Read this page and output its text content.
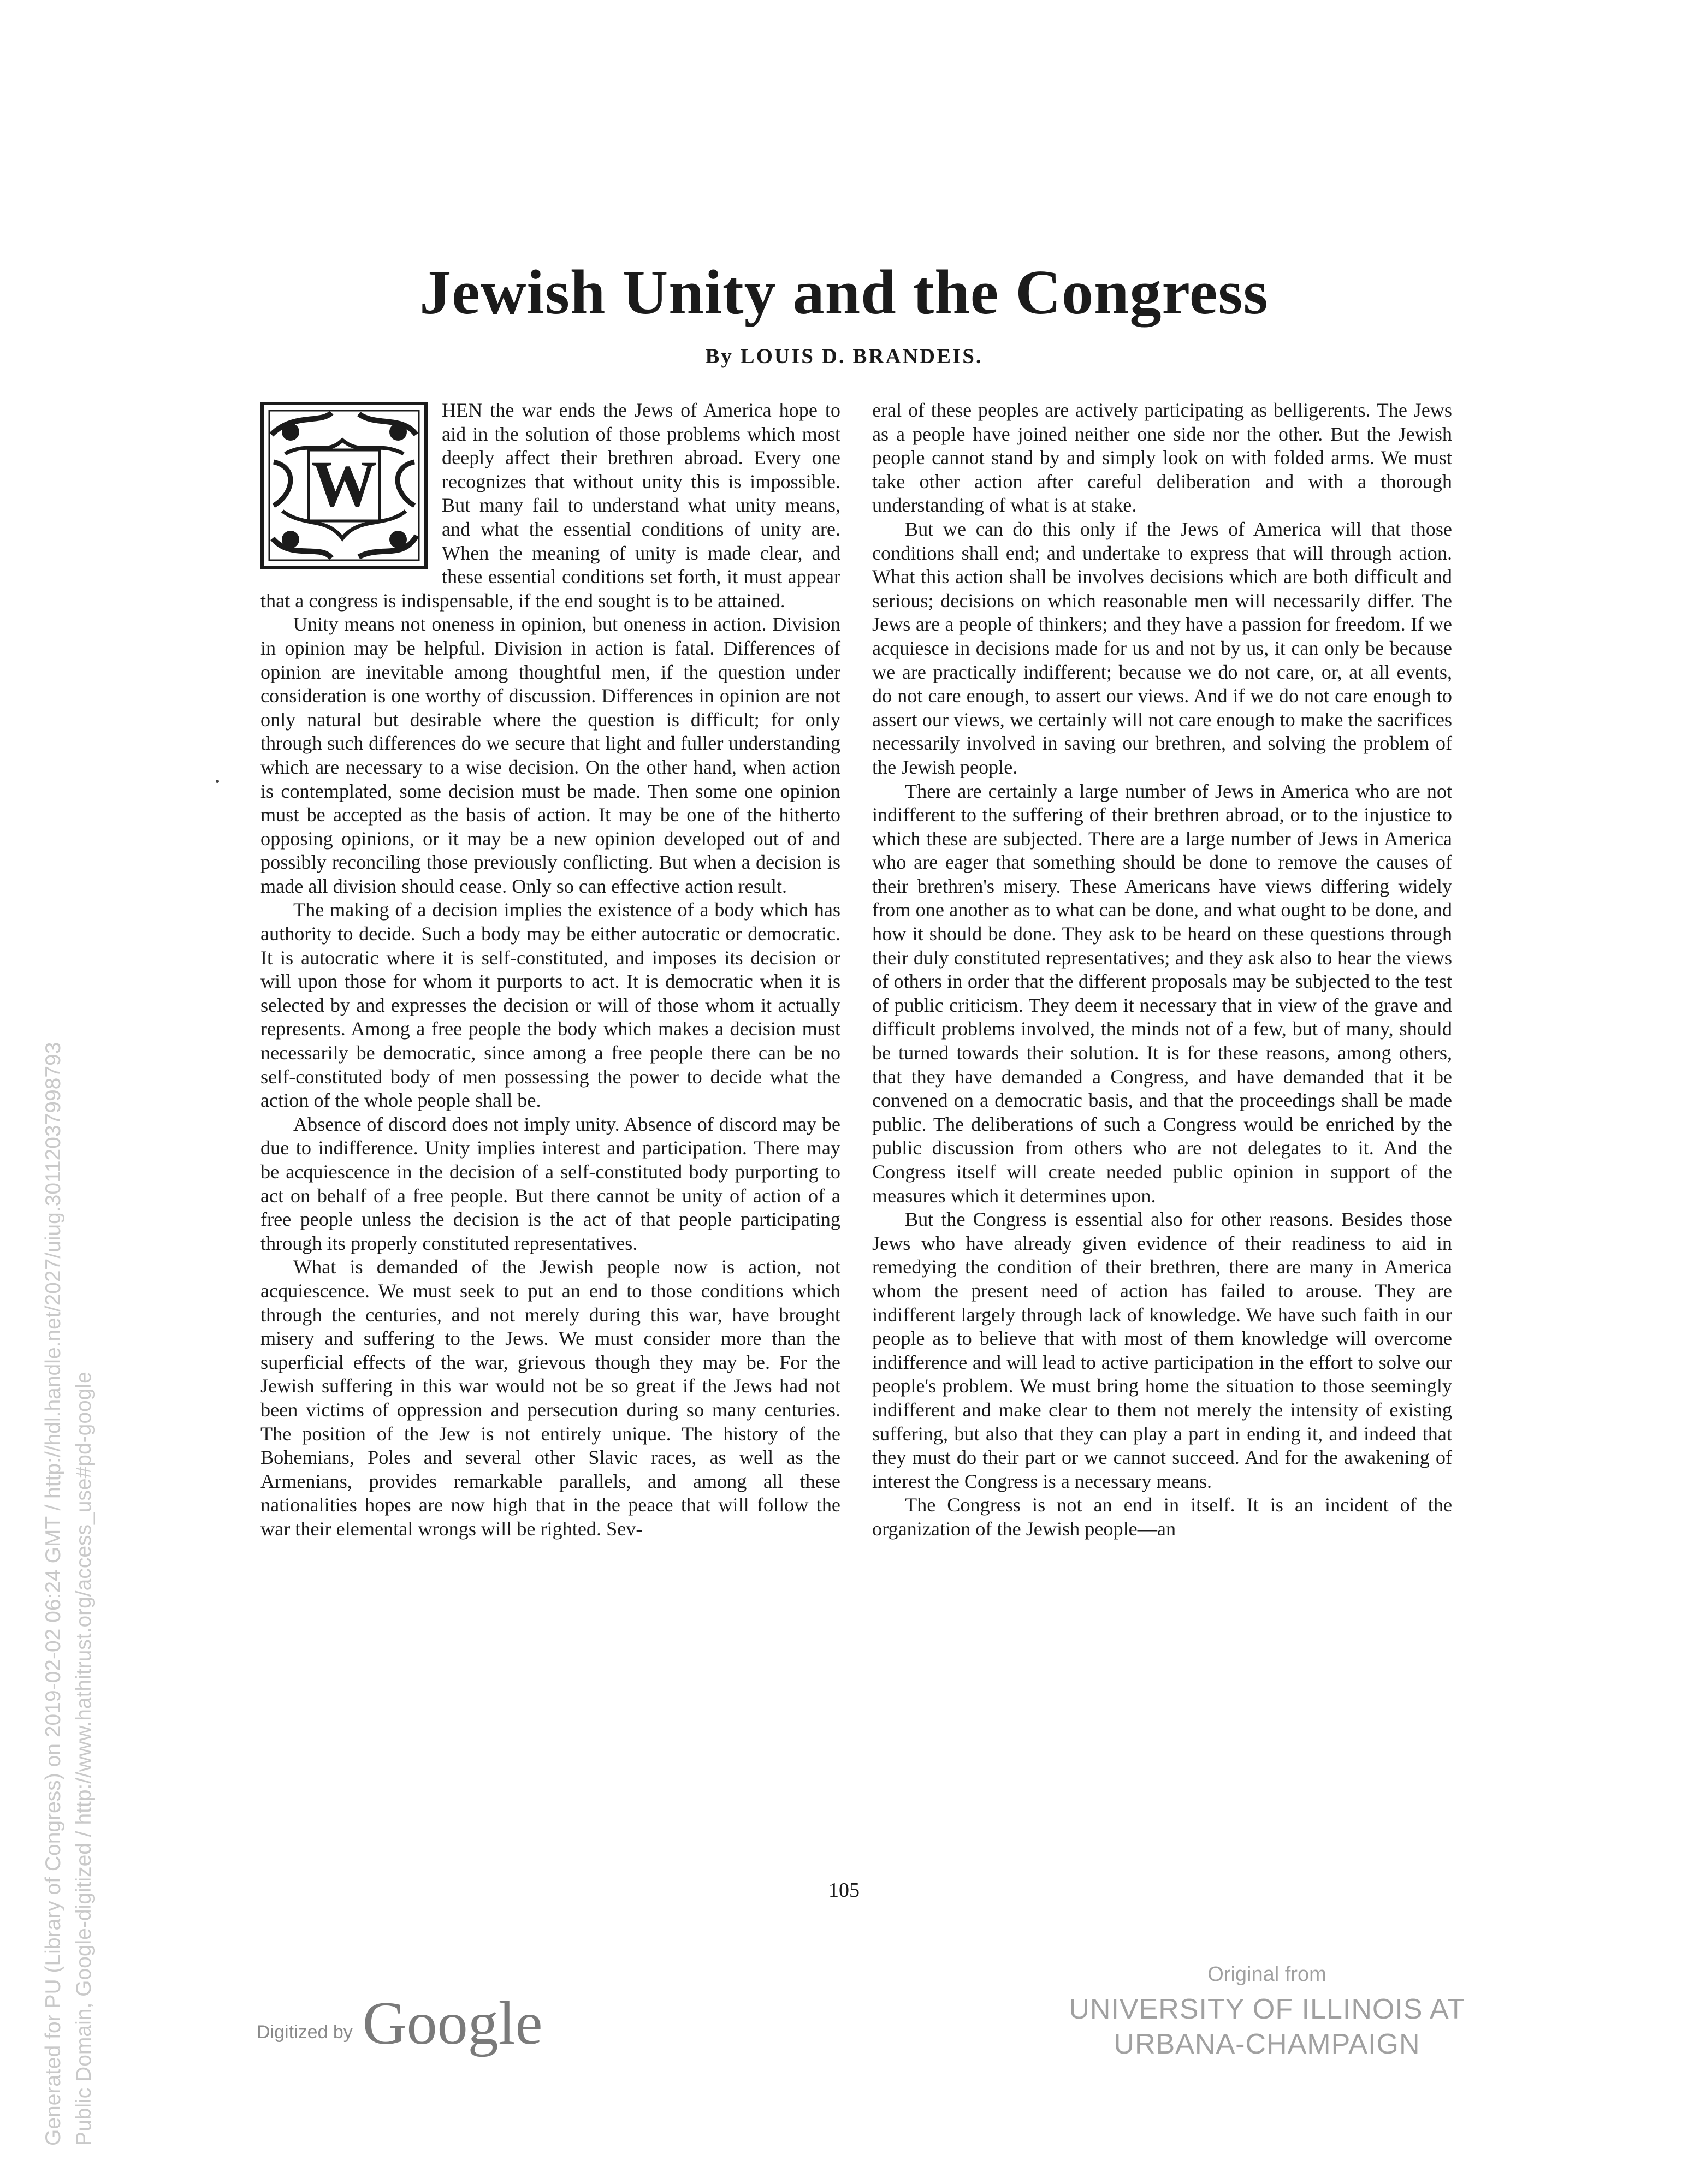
Jewish Unity and the Congress
By LOUIS D. BRANDEIS.
W

HEN the war ends the Jews of America hope to aid in the solution of those problems which most deeply affect their brethren abroad. Every one recognizes that without unity this is impossible. But many fail to understand what unity means, and what the essential conditions of unity are. When the meaning of unity is made clear, and these essential conditions set forth, it must appear that a congress is indispensable, if the end sought is to be attained.

Unity means not oneness in opinion, but oneness in action. Division in opinion may be helpful. Division in action is fatal. Differences of opinion are inevitable among thoughtful men, if the question under consideration is one worthy of discussion. Differences in opinion are not only natural but desirable where the question is difficult; for only through such differences do we secure that light and fuller understanding which are necessary to a wise decision. On the other hand, when action is contemplated, some decision must be made. Then some one opinion must be accepted as the basis of action. It may be one of the hitherto opposing opinions, or it may be a new opinion developed out of and possibly reconciling those previously conflicting. But when a decision is made all division should cease. Only so can effective action result.

The making of a decision implies the existence of a body which has authority to decide. Such a body may be either autocratic or democratic. It is autocratic where it is self-constituted, and imposes its decision or will upon those for whom it purports to act. It is democratic when it is selected by and expresses the decision or will of those whom it actually represents. Among a free people the body which makes a decision must necessarily be democratic, since among a free people there can be no self-constituted body of men possessing the power to decide what the action of the whole people shall be.

Absence of discord does not imply unity. Absence of discord may be due to indifference. Unity implies interest and participation. There may be acquiescence in the decision of a self-constituted body purporting to act on behalf of a free people. But there cannot be unity of action of a free people unless the decision is the act of that people participating through its properly constituted representatives.

What is demanded of the Jewish people now is action, not acquiescence. We must seek to put an end to those conditions which through the centuries, and not merely during this war, have brought misery and suffering to the Jews. We must consider more than the superficial effects of the war, grievous though they may be. For the Jewish suffering in this war would not be so great if the Jews had not been victims of oppression and persecution during so many centuries. The position of the Jew is not entirely unique. The history of the Bohemians, Poles and several other Slavic races, as well as the Armenians, provides remarkable parallels, and among all these nationalities hopes are now high that in the peace that will follow the war their elemental wrongs will be righted. Sev-

eral of these peoples are actively participating as belligerents. The Jews as a people have joined neither one side nor the other. But the Jewish people cannot stand by and simply look on with folded arms. We must take other action after careful deliberation and with a thorough understanding of what is at stake.

But we can do this only if the Jews of America will that those conditions shall end; and undertake to express that will through action. What this action shall be involves decisions which are both difficult and serious; decisions on which reasonable men will necessarily differ. The Jews are a people of thinkers; and they have a passion for freedom. If we acquiesce in decisions made for us and not by us, it can only be because we are practically indifferent; because we do not care, or, at all events, do not care enough, to assert our views. And if we do not care enough to assert our views, we certainly will not care enough to make the sacrifices necessarily involved in saving our brethren, and solving the problem of the Jewish people.

There are certainly a large number of Jews in America who are not indifferent to the suffering of their brethren abroad, or to the injustice to which these are subjected. There are a large number of Jews in America who are eager that something should be done to remove the causes of their brethren's misery. These Americans have views differing widely from one another as to what can be done, and what ought to be done, and how it should be done. They ask to be heard on these questions through their duly constituted representatives; and they ask also to hear the views of others in order that the different proposals may be subjected to the test of public criticism. They deem it necessary that in view of the grave and difficult problems involved, the minds not of a few, but of many, should be turned towards their solution. It is for these reasons, among others, that they have demanded a Congress, and have demanded that it be convened on a democratic basis, and that the proceedings shall be made public. The deliberations of such a Congress would be enriched by the public discussion from others who are not delegates to it. And the Congress itself will create needed public opinion in support of the measures which it determines upon.

But the Congress is essential also for other reasons. Besides those Jews who have already given evidence of their readiness to aid in remedying the condition of their brethren, there are many in America whom the present need of action has failed to arouse. They are indifferent largely through lack of knowledge. We have such faith in our people as to believe that with most of them knowledge will overcome indifference and will lead to active participation in the effort to solve our people's problem. We must bring home the situation to those seemingly indifferent and make clear to them not merely the intensity of existing suffering, but also that they can play a part in ending it, and indeed that they must do their part or we cannot succeed. And for the awakening of interest the Congress is a necessary means.

The Congress is not an end in itself. It is an incident of the organization of the Jewish people—an

105
Digitized by Google
Original from
UNIVERSITY OF ILLINOIS AT
URBANA-CHAMPAIGN
Generated for PU (Library of Congress) on 2019-02-02 06:24 GMT / http://hdl.handle.net/2027/uiug.30112037998793 Public Domain, Google-digitized / http://www.hathitrust.org/access_use#pd-google
